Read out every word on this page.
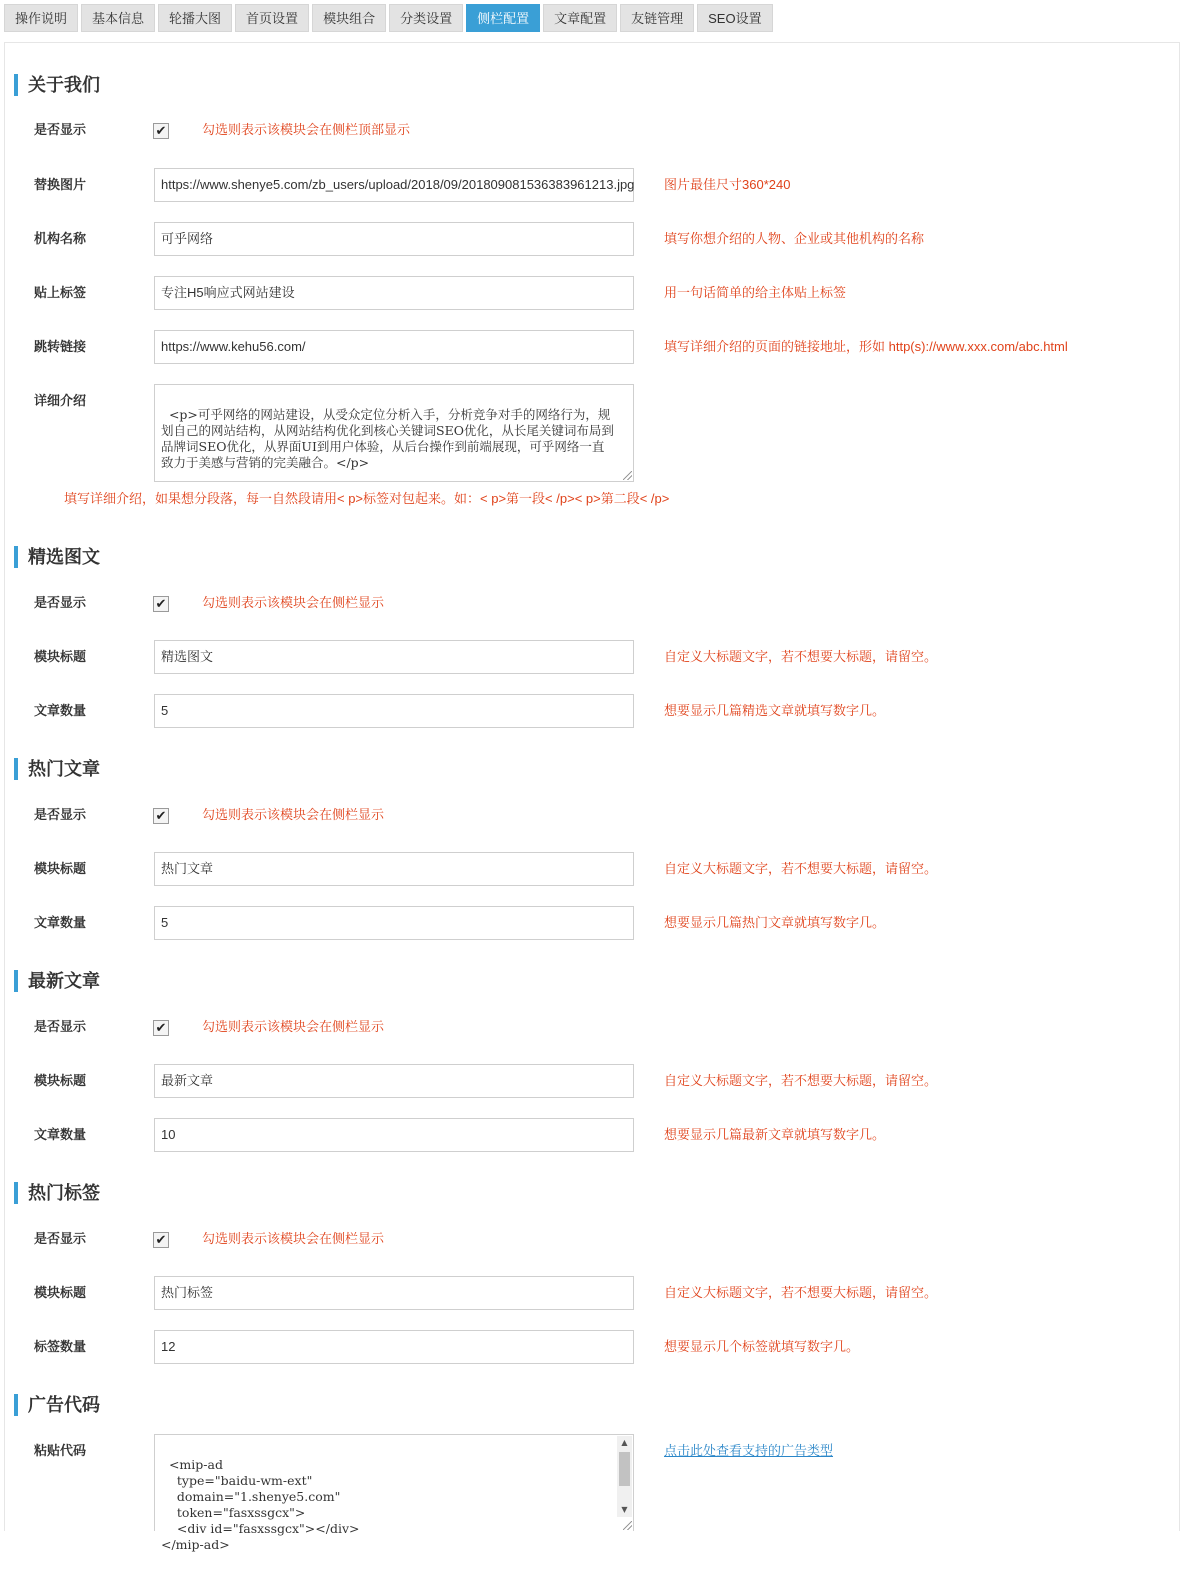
操作说明	基本信息	轮播大图	首页设置	模块组合	分类设置	侧栏配置	文章配置	友链管理	SEO设置
关于我们
是否显示	✔	勾选则表示该模块会在侧栏顶部显示
替换图片	https://www.shenye5.com/zb_users/upload/2018/09/201809081536383961213.jpg 图片最佳尺寸360*240
机构名称	可乎网络	填写你想介绍的人物、企业或其他机构的名称
贴上标签	专注H5响应式网站建设	用一句话简单的给主体贴上标签
跳转链接	https://www.kehu56.com/	填写详细介绍的页面的链接地址，形如 http(s)://www.xxx.com/abc.html
详细介绍

<p>可乎网络的网站建设，从受众定位分析入手，分析竞争对手的网络行为，规划自己的网站结构，从网站结构优化到核心关键词SEO优化，从长尾关键词布局到品牌词SEO优化，从界面UI到用户体验，从后台操作到前端展现，可乎网络一直致力于美感与营销的完美融合。</p>

填写详细介绍，如果想分段落，每一自然段请用< p>标签对包起来。如：< p>第一段< /p>< p>第二段< /p>
精选图文
是否显示	✔	勾选则表示该模块会在侧栏显示
模块标题	精选图文	自定义大标题文字，若不想要大标题，请留空。
文章数量	5	想要显示几篇精选文章就填写数字几。
热门文章
是否显示	✔	勾选则表示该模块会在侧栏显示
模块标题	热门文章	自定义大标题文字，若不想要大标题，请留空。
文章数量	5	想要显示几篇热门文章就填写数字几。
最新文章
是否显示	✔	勾选则表示该模块会在侧栏显示
模块标题	最新文章	自定义大标题文字，若不想要大标题，请留空。
文章数量	10	想要显示几篇最新文章就填写数字几。
热门标签
是否显示	✔	勾选则表示该模块会在侧栏显示
模块标题	热门标签	自定义大标题文字，若不想要大标题，请留空。
标签数量	12	想要显示几个标签就填写数字几。
广告代码
粘贴代码

<mip-ad
type="baidu-wm-ext"
domain="1.shenye5.com"
token="fasxssgcx">
<div id="fasxssgcx"></div>
</mip-ad>

▲

▼

点击此处查看支持的广告类型
